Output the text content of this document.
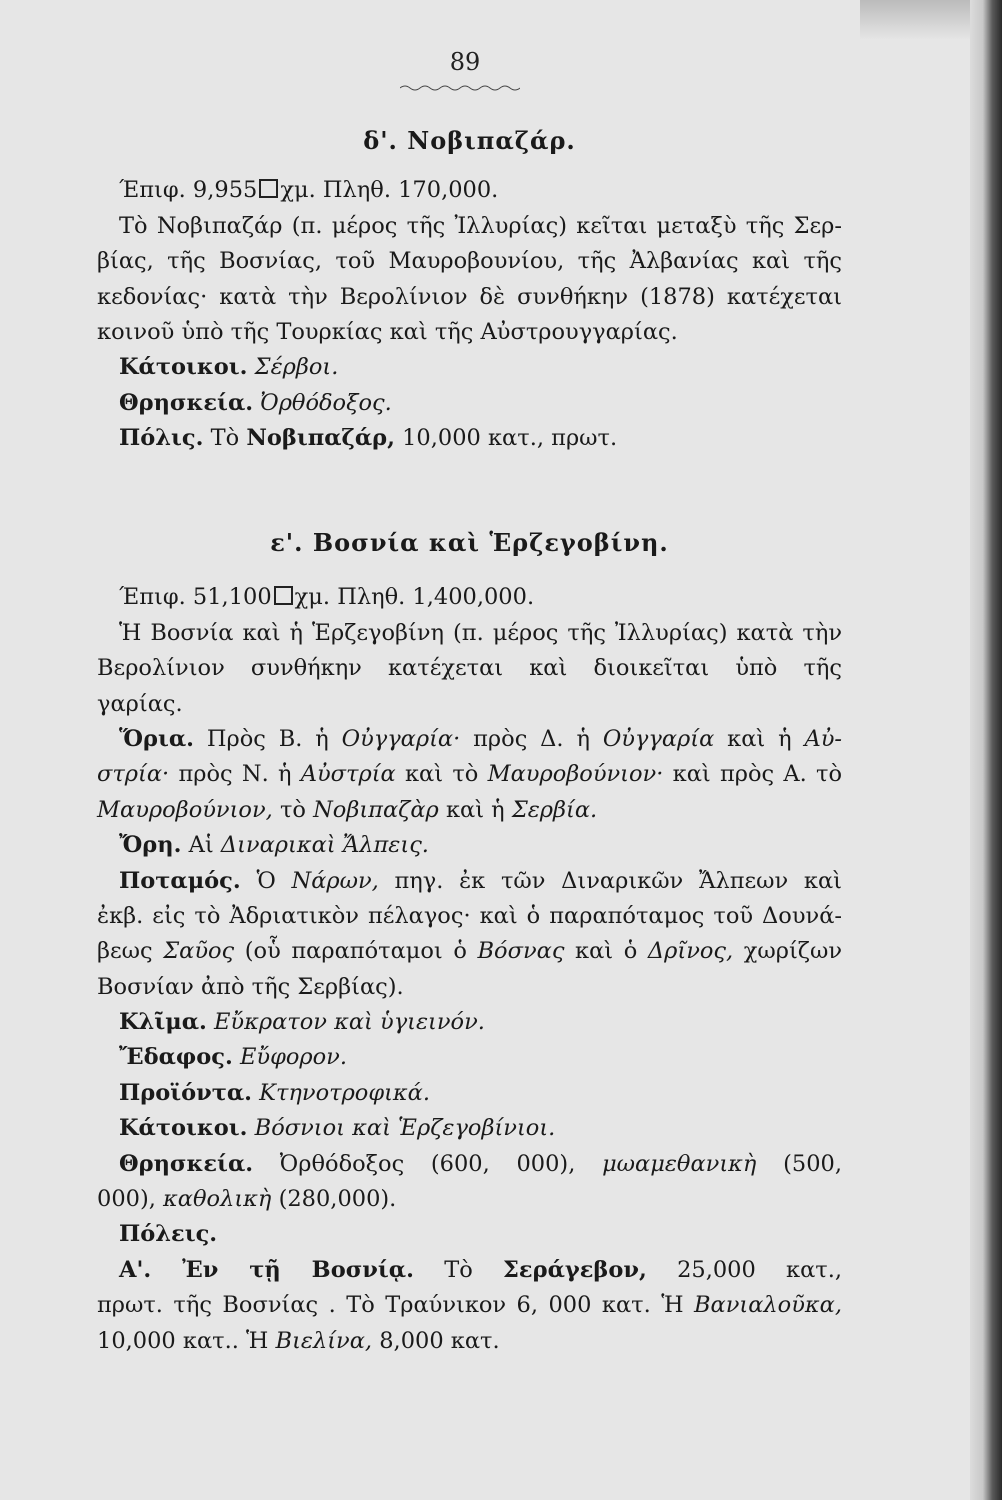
89
δ'. Νοβιπαζάρ.
Έπιφ. 9,955 χμ. Πληθ. 170,000.
Τὸ Νοβιπαζάρ (π. μέρος τῆς Ἰλλυρίας) κεῖται μεταξὺ τῆς Σερ-
βίας, τῆς Βοσνίας, τοῦ Μαυροβουνίου, τῆς Ἀλβανίας καὶ τῆς
κεδονίας· κατὰ τὴν Βερολίνιον δὲ συνθήκην (1878) κατέχεται
κοινοῦ ὑπὸ τῆς Τουρκίας καὶ τῆς Αὐστρουγγαρίας.
Κάτοικοι. Σέρβοι.
Θρησκεία. Ὀρθόδοξος.
Πόλις. Τὸ Νοβιπαζάρ, 10,000 κατ., πρωτ.
ε'. Βοσνία καὶ Ἑρζεγοβίνη.
Έπιφ. 51,100 χμ. Πληθ. 1,400,000.
Ἡ Βοσνία καὶ ἡ Ἑρζεγοβίνη (π. μέρος τῆς Ἰλλυρίας) κατὰ τὴν
Βερολίνιον συνθήκην κατέχεται καὶ διοικεῖται ὑπὸ τῆς
γαρίας.
Ὅρια. Πρὸς Β. ἡ Οὐγγαρία· πρὸς Δ. ἡ Οὐγγαρία καὶ ἡ Αὐ-
στρία· πρὸς Ν. ἡ Αὐστρία καὶ τὸ Μαυροβούνιον· καὶ πρὸς Α. τὸ
Μαυροβούνιον, τὸ Νοβιπαζὰρ καὶ ἡ Σερβία.
Ὄρη. Αἱ Διναρικαὶ Ἄλπεις.
Ποταμός. Ὁ Νάρων, πηγ. ἐκ τῶν Διναρικῶν Ἄλπεων καὶ
ἐκβ. εἰς τὸ Ἀδριατικὸν πέλαγος· καὶ ὁ παραπόταμος τοῦ Δουνά-
βεως Σαῦος (οὗ παραπόταμοι ὁ Βόσνας καὶ ὁ Δρῖνος, χωρίζων
Βοσνίαν ἀπὸ τῆς Σερβίας).
Κλῖμα. Εὔκρατον καὶ ὑγιεινόν.
Ἔδαφος. Εὔφορον.
Προϊόντα. Κτηνοτροφικά.
Κάτοικοι. Βόσνιοι καὶ Ἑρζεγοβίνιοι.
Θρησκεία. Ὀρθόδοξος (600, 000), μωαμεθανικὴ (500,
000), καθολικὴ (280,000).
Πόλεις.
Α'. Ἐν τῇ Βοσνίᾳ. Τὸ Σεράγεβον, 25,000 κατ.,
πρωτ. τῆς Βοσνίας . Τὸ Τραύνικον 6, 000 κατ. Ἡ Βανιαλοῦκα,
10,000 κατ.. Ἡ Βιελίνα, 8,000 κατ.
